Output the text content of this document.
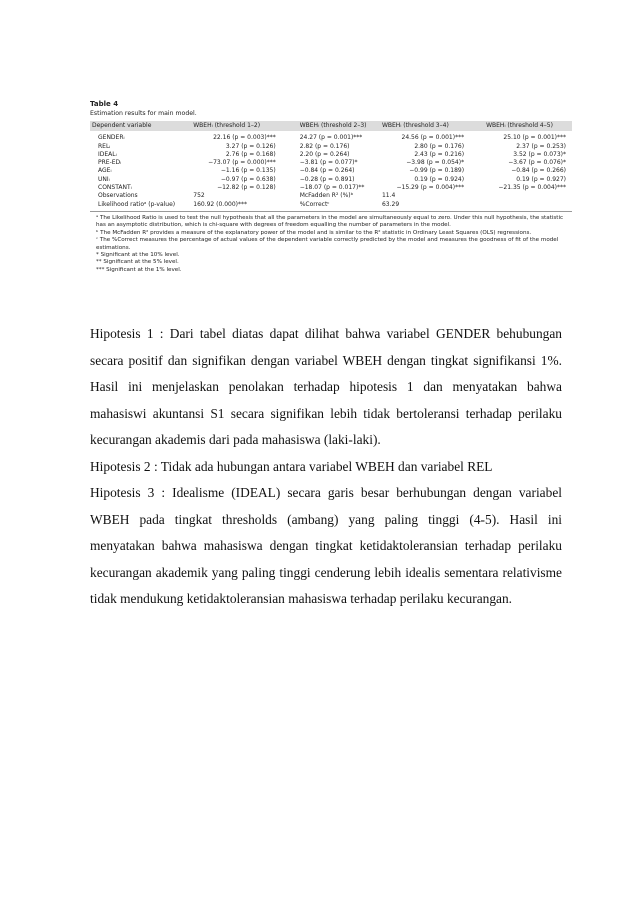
Table 4
Estimation results for main model.
Dependent variable	WBEHᵢ (threshold 1–2)	WBEHᵢ (threshold 2–3)	WBEHᵢ (threshold 3–4)	WBEHᵢ (threshold 4–5)
GENDERᵢ	22.16 (p = 0.003)***	24.27 (p = 0.001)***	24.56 (p = 0.001)***	25.10 (p = 0.001)***
RELᵢ	3.27 (p = 0.126)	2.82 (p = 0.176)	2.80 (p = 0.176)	2.37 (p = 0.253)
IDEALᵢ	2.76 (p = 0.168)	2.20 (p = 0.264)	2.43 (p = 0.216)	3.52 (p = 0.073)*
PRE-EDᵢ	−73.07 (p = 0.000)***	−3.81 (p = 0.077)*	−3.98 (p = 0.054)*	−3.67 (p = 0.076)*
AGEᵢ	−1.16 (p = 0.135)	−0.84 (p = 0.264)	−0.99 (p = 0.189)	−0.84 (p = 0.266)
UNIᵢ	−0.97 (p = 0.638)	−0.28 (p = 0.891)	0.19 (p = 0.924)	0.19 (p = 0.927)
CONSTANTᵢ	−12.82 (p = 0.128)	−18.07 (p = 0.017)**	−15.29 (p = 0.004)***	−21.35 (p = 0.004)***
Observations	752	McFadden R² (%)ᵇ	11.4	
Likelihood ratioᵃ (p-value)	160.92 (0.000)***	%Correctᶜ	63.29	
ᵃ The Likelihood Ratio is used to test the null hypothesis that all the parameters in the model are simultaneously equal to zero. Under this null hypothesis, the statistic has an asymptotic distribution, which is chi-square with degrees of freedom equalling the number of parameters in the model.
ᵇ The McFadden R² provides a measure of the explanatory power of the model and is similar to the R² statistic in Ordinary Least Squares (OLS) regressions.
ᶜ The %Correct measures the percentage of actual values of the dependent variable correctly predicted by the model and measures the goodness of fit of the model estimations.
* Significant at the 10% level.
** Significant at the 5% level.
*** Significant at the 1% level.

Hipotesis 1 : Dari tabel diatas dapat dilihat bahwa variabel GENDER behubungan secara positif dan signifikan dengan variabel WBEH dengan tingkat signifikansi 1%. Hasil ini menjelaskan penolakan terhadap hipotesis 1 dan menyatakan bahwa mahasiswi akuntansi S1 secara signifikan lebih tidak bertoleransi terhadap perilaku kecurangan akademis dari pada mahasiswa (laki-laki).

Hipotesis 2 : Tidak ada hubungan antara variabel WBEH dan variabel REL

Hipotesis 3 : Idealisme (IDEAL) secara garis besar berhubungan dengan variabel WBEH pada tingkat thresholds (ambang) yang paling tinggi (4-5). Hasil ini menyatakan bahwa mahasiswa dengan tingkat ketidaktoleransian terhadap perilaku kecurangan akademik yang paling tinggi cenderung lebih idealis sementara relativisme tidak mendukung ketidaktoleransian mahasiswa terhadap perilaku kecurangan.
